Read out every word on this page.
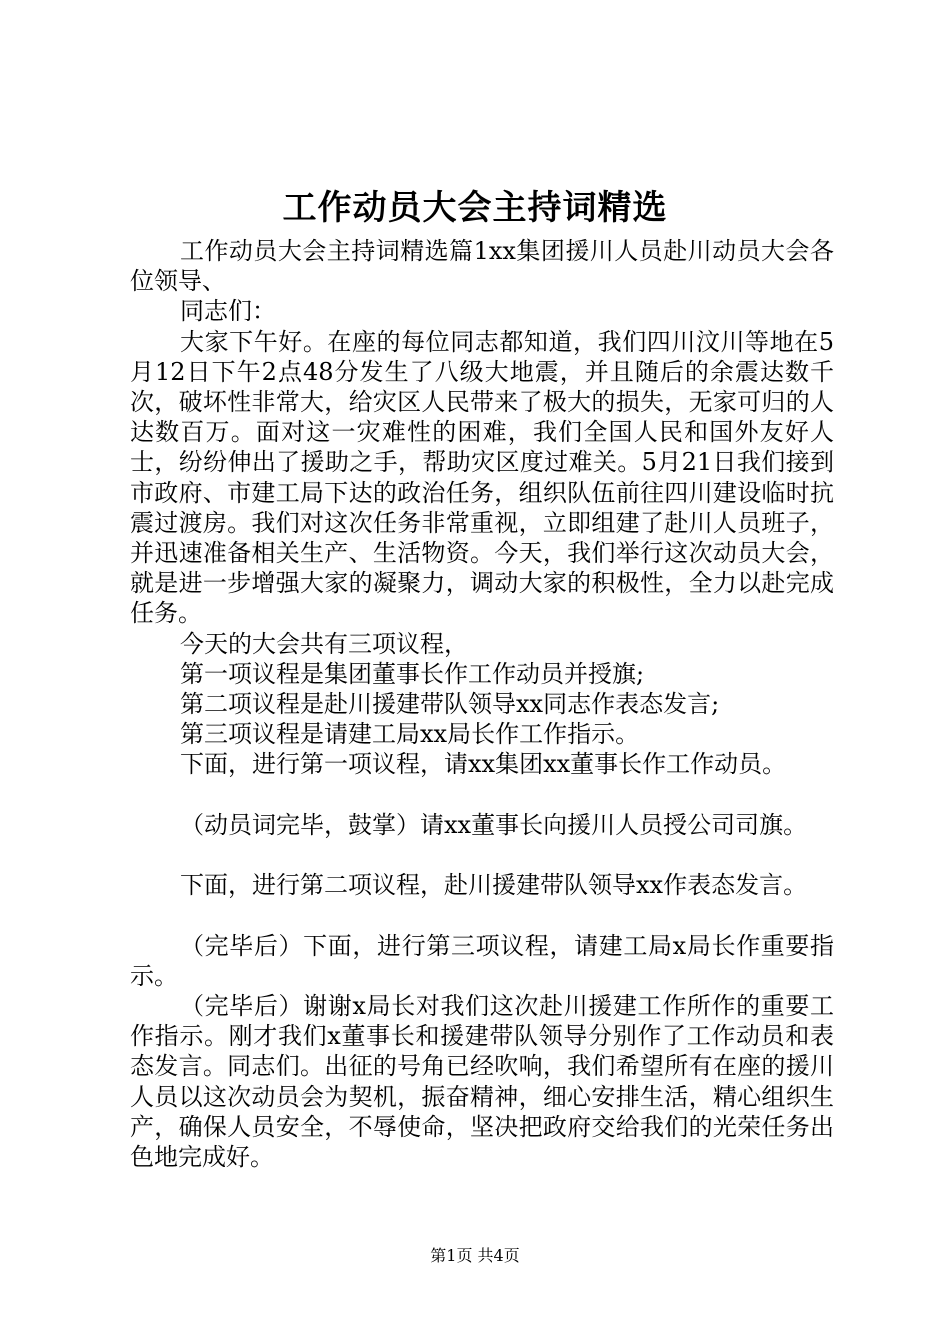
工作动员大会主持词精选

工作动员大会主持词精选篇1xx集团援川人员赴川动员大会各位领导、

同志们：

大家下午好。在座的每位同志都知道，我们四川汶川等地在5月12日下午2点48分发生了八级大地震，并且随后的余震达数千次，破坏性非常大，给灾区人民带来了极大的损失，无家可归的人达数百万。面对这一灾难性的困难，我们全国人民和国外友好人士，纷纷伸出了援助之手，帮助灾区度过难关。5月21日我们接到市政府、市建工局下达的政治任务，组织队伍前往四川建设临时抗震过渡房。我们对这次任务非常重视，立即组建了赴川人员班子，并迅速准备相关生产、生活物资。今天，我们举行这次动员大会，就是进一步增强大家的凝聚力，调动大家的积极性，全力以赴完成任务。

今天的大会共有三项议程，

第一项议程是集团董事长作工作动员并授旗;

第二项议程是赴川援建带队领导xx同志作表态发言;

第三项议程是请建工局xx局长作工作指示。

下面，进行第一项议程，请xx集团xx董事长作工作动员。

（动员词完毕，鼓掌）请xx董事长向援川人员授公司司旗。

下面，进行第二项议程，赴川援建带队领导xx作表态发言。

（完毕后）下面，进行第三项议程，请建工局x局长作重要指示。

（完毕后）谢谢x局长对我们这次赴川援建工作所作的重要工作指示。刚才我们x董事长和援建带队领导分别作了工作动员和表态发言。同志们。出征的号角已经吹响，我们希望所有在座的援川人员以这次动员会为契机，振奋精神，细心安排生活，精心组织生产，确保人员安全，不辱使命，坚决把政府交给我们的光荣任务出色地完成好。

第1页 共4页
